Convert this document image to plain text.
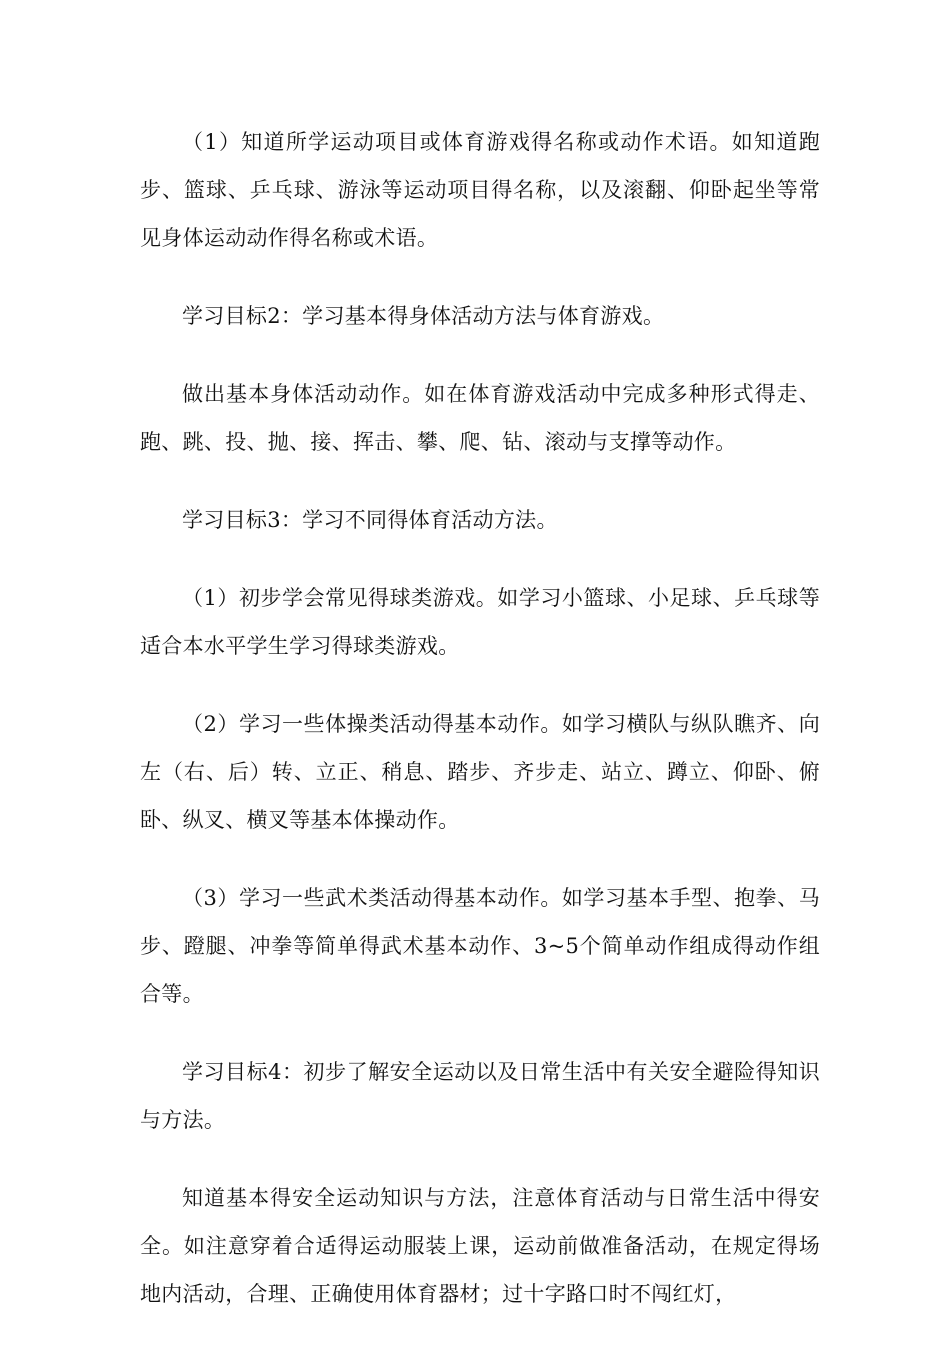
（1）知道所学运动项目或体育游戏得名称或动作术语。如知道跑步、篮球、乒乓球、游泳等运动项目得名称，以及滚翻、仰卧起坐等常见身体运动动作得名称或术语。

学习目标2：学习基本得身体活动方法与体育游戏。

做出基本身体活动动作。如在体育游戏活动中完成多种形式得走、跑、跳、投、抛、接、挥击、攀、爬、钻、滚动与支撑等动作。

学习目标3：学习不同得体育活动方法。

（1）初步学会常见得球类游戏。如学习小篮球、小足球、乒乓球等适合本水平学生学习得球类游戏。

（2）学习一些体操类活动得基本动作。如学习横队与纵队瞧齐、向左（右、后）转、立正、稍息、踏步、齐步走、站立、蹲立、仰卧、俯卧、纵叉、横叉等基本体操动作。

（3）学习一些武术类活动得基本动作。如学习基本手型、抱拳、马步、蹬腿、冲拳等简单得武术基本动作、3~5个简单动作组成得动作组合等。

学习目标4：初步了解安全运动以及日常生活中有关安全避险得知识与方法。

知道基本得安全运动知识与方法，注意体育活动与日常生活中得安全。如注意穿着合适得运动服装上课，运动前做准备活动，在规定得场地内活动，合理、正确使用体育器材；过十字路口时不闯红灯，
